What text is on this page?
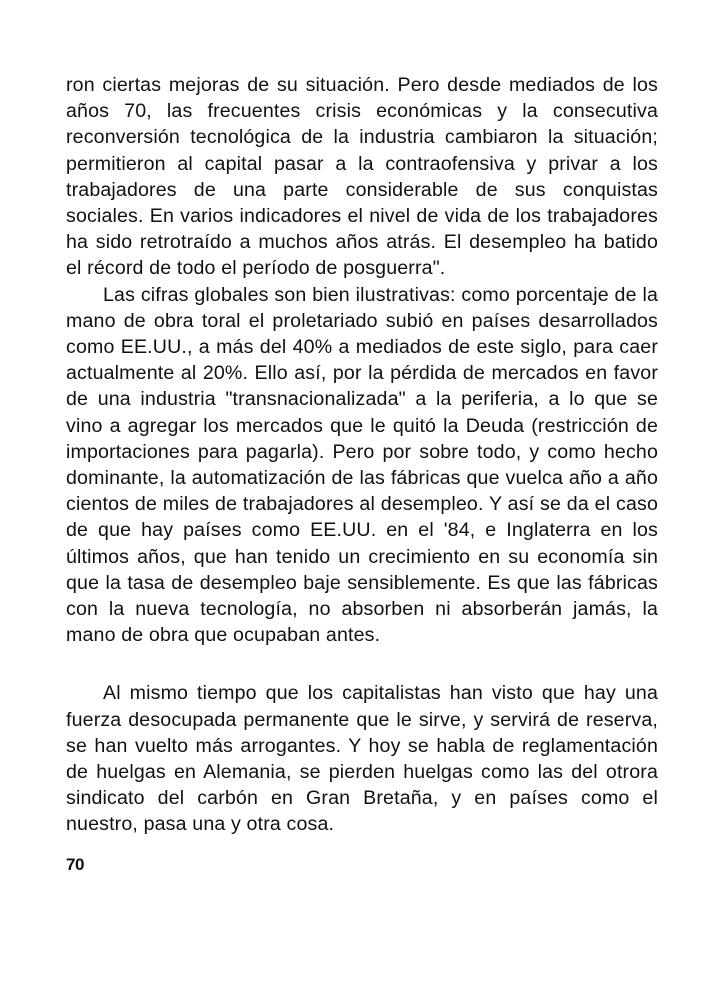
ron ciertas mejoras de su situación. Pero desde mediados de los años 70, las frecuentes crisis económicas y la consecutiva reconversión tecnológica de la industria cambiaron la situación; permitieron al capital pasar a la contraofensiva y privar a los trabajadores de una parte considerable de sus conquistas sociales. En varios indicadores el nivel de vida de los trabajadores ha sido retrotraído a muchos años atrás. El desempleo ha batido el récord de todo el período de posguerra".

Las cifras globales son bien ilustrativas: como porcentaje de la mano de obra toral el proletariado subió en países desarrollados como EE.UU., a más del 40% a mediados de este siglo, para caer actualmente al 20%. Ello así, por la pérdida de mercados en favor de una industria "transnacionalizada" a la periferia, a lo que se vino a agregar los mercados que le quitó la Deuda (restricción de importaciones para pagarla). Pero por sobre todo, y como hecho dominante, la automatización de las fábricas que vuelca año a año cientos de miles de trabajadores al desempleo. Y así se da el caso de que hay países como EE.UU. en el '84, e Inglaterra en los últimos años, que han tenido un crecimiento en su economía sin que la tasa de desempleo baje sensiblemente. Es que las fábricas con la nueva tecnología, no absorben ni absorberán jamás, la mano de obra que ocupaban antes.

Al mismo tiempo que los capitalistas han visto que hay una fuerza desocupada permanente que le sirve, y servirá de reserva, se han vuelto más arrogantes. Y hoy se habla de reglamentación de huelgas en Alemania, se pierden huelgas como las del otrora sindicato del carbón en Gran Bretaña, y en países como el nuestro, pasa una y otra cosa.

70
